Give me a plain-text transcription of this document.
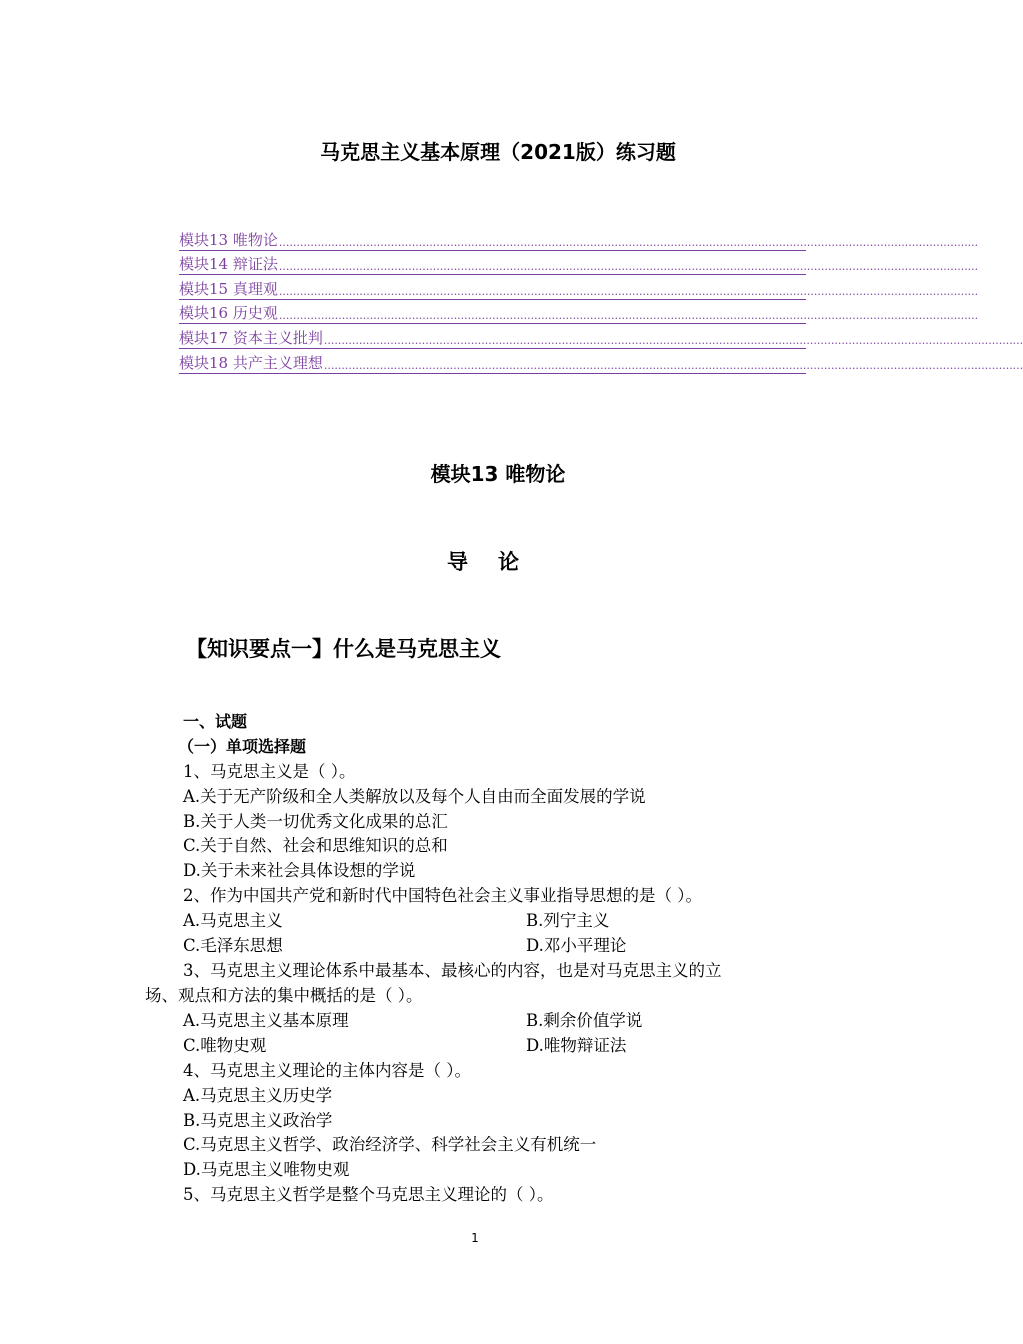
马克思主义基本原理（2021版）练习题
模块13 唯物论 ........................................................................................................................................................................................................
模块14 辩证法 ........................................................................................................................................................................................................
模块15 真理观 ........................................................................................................................................................................................................
模块16 历史观 ........................................................................................................................................................................................................
模块17 资本主义批判 ........................................................................................................................................................................................................
模块18 共产主义理想 ........................................................................................................................................................................................................
模块13 唯物论
导论
【知识要点一】什么是马克思主义
一、试题
（一）单项选择题
1、马克思主义是（ ）。
A.关于无产阶级和全人类解放以及每个人自由而全面发展的学说
B.关于人类一切优秀文化成果的总汇
C.关于自然、社会和思维知识的总和
D.关于未来社会具体设想的学说
2、作为中国共产党和新时代中国特色社会主义事业指导思想的是（ ）。
A.马克思主义	B.列宁主义
C.毛泽东思想	D.邓小平理论
3、马克思主义理论体系中最基本、最核心的内容，也是对马克思主义的立
场、观点和方法的集中概括的是（ ）。
A.马克思主义基本原理	B.剩余价值学说
C.唯物史观	D.唯物辩证法
4、马克思主义理论的主体内容是（ ）。
A.马克思主义历史学
B.马克思主义政治学
C.马克思主义哲学、政治经济学、科学社会主义有机统一
D.马克思主义唯物史观
5、马克思主义哲学是整个马克思主义理论的（ ）。
1
